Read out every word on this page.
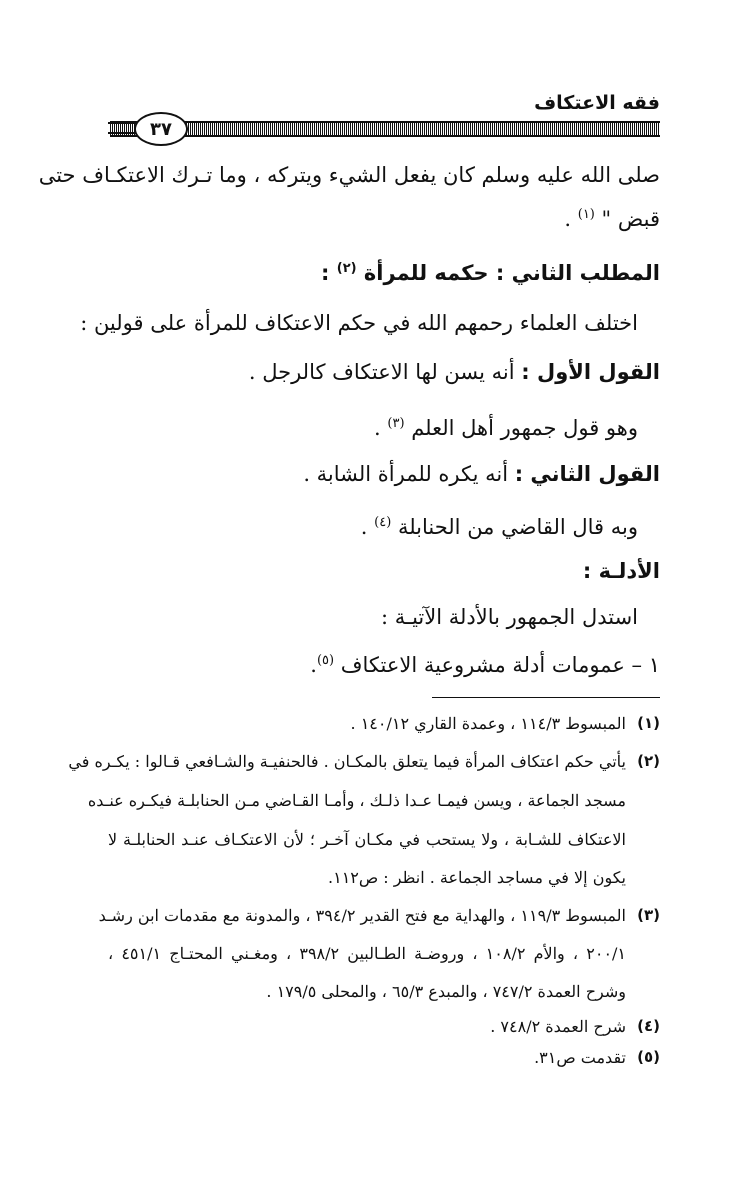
فقه الاعتكاف
٣٧
صلى الله عليه وسلم كان يفعل الشيء ويتركه ، وما تـرك الاعتكـاف حتى
قبض " $^{(١)}$ .
المطلب الثاني : حكمه للمرأة $^{(٢)}$ :
اختلف العلماء رحمهم الله في حكم الاعتكاف للمرأة على قولين :
القول الأول : أنه يسن لها الاعتكاف كالرجل .
وهو قول جمهور أهل العلم $^{(٣)}$ .
القول الثاني : أنه يكره للمرأة الشابة .
وبه قال القاضي من الحنابلة $^{(٤)}$ .
الأدلـة :
استدل الجمهور بالأدلة الآتيـة :
١ – عمومات أدلة مشروعية الاعتكاف $^{(٥)}$.
(١)
المبسوط ١١٤/٣ ، وعمدة القاري ١٤٠/١٢ .
(٢)
يأتي حكم اعتكاف المرأة فيما يتعلق بالمكـان . فالحنفيـة والشـافعي قـالوا : يكـره في
مسجد الجماعة ، ويسن فيمـا عـدا ذلـك ، وأمـا القـاضي مـن الحنابلـة فيكـره عنـده
الاعتكاف للشـابة ، ولا يستحب في مكـان آخـر ؛ لأن الاعتكـاف عنـد الحنابلـة لا
يكون إلا في مساجد الجماعة . انظر : ص١١٢.
(٣)
المبسوط ١١٩/٣ ، والهداية مع فتح القدير ٣٩٤/٢ ، والمدونة مع مقدمات ابن رشـد
٢٠٠/١ ، والأم ١٠٨/٢ ، وروضـة الطـالبين ٣٩٨/٢ ، ومغـني المحتـاج ٤٥١/١ ،
وشرح العمدة ٧٤٧/٢ ، والمبدع ٦٥/٣ ، والمحلى ١٧٩/٥ .
(٤)
شرح العمدة ٧٤٨/٢ .
(٥)
تقدمت ص٣١.
